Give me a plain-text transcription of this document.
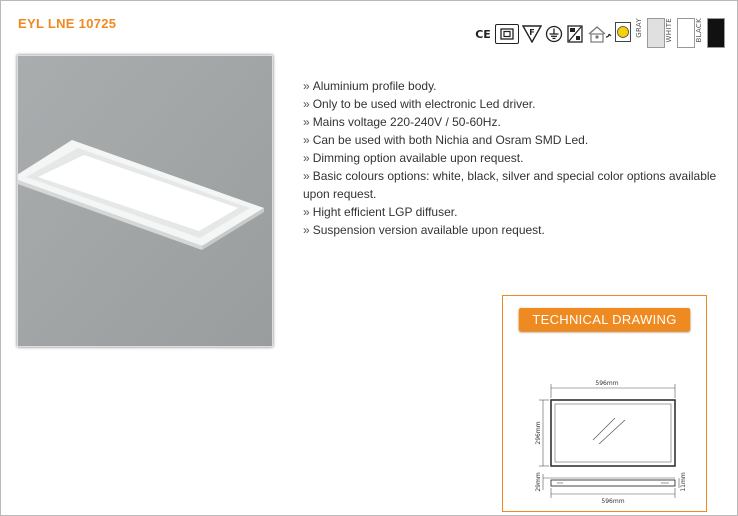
EYL LNE 10725
CE	F	GRAY	WHITE	BLACK
» Aluminium profile body.
» Only to be used with electronic Led driver.
» Mains voltage 220-240V / 50-60Hz.
» Can be used with both Nichia and Osram SMD Led.
» Dimming option available upon request.
» Basic colours options: white, black, silver and special color options available upon request.
» Hight efficient LGP diffuser.
» Suspension version available upon request.
TECHNICAL DRAWING
596mm
296mm
29mm	11mm
596mm
